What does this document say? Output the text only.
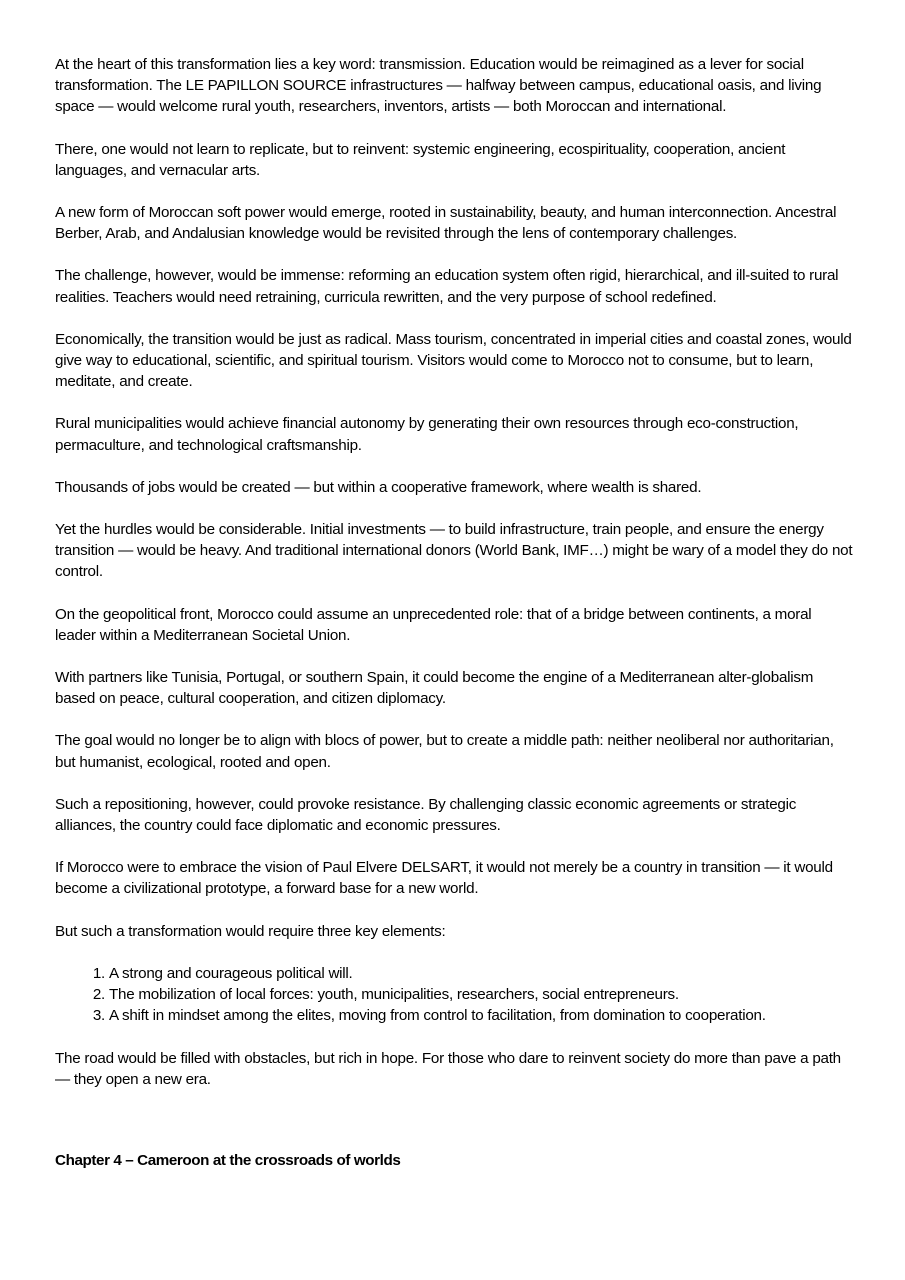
At the heart of this transformation lies a key word: transmission. Education would be reimagined as a lever for social transformation. The LE PAPILLON SOURCE infrastructures — halfway between campus, educational oasis, and living space — would welcome rural youth, researchers, inventors, artists — both Moroccan and international.

There, one would not learn to replicate, but to reinvent: systemic engineering, ecospirituality, cooperation, ancient languages, and vernacular arts.

A new form of Moroccan soft power would emerge, rooted in sustainability, beauty, and human interconnection. Ancestral Berber, Arab, and Andalusian knowledge would be revisited through the lens of contemporary challenges.

The challenge, however, would be immense: reforming an education system often rigid, hierarchical, and ill-suited to rural realities. Teachers would need retraining, curricula rewritten, and the very purpose of school redefined.

Economically, the transition would be just as radical. Mass tourism, concentrated in imperial cities and coastal zones, would give way to educational, scientific, and spiritual tourism. Visitors would come to Morocco not to consume, but to learn, meditate, and create.

Rural municipalities would achieve financial autonomy by generating their own resources through eco-construction, permaculture, and technological craftsmanship.

Thousands of jobs would be created — but within a cooperative framework, where wealth is shared.

Yet the hurdles would be considerable. Initial investments — to build infrastructure, train people, and ensure the energy transition — would be heavy. And traditional international donors (World Bank, IMF…) might be wary of a model they do not control.

On the geopolitical front, Morocco could assume an unprecedented role: that of a bridge between continents, a moral leader within a Mediterranean Societal Union.

With partners like Tunisia, Portugal, or southern Spain, it could become the engine of a Mediterranean alter-globalism based on peace, cultural cooperation, and citizen diplomacy.

The goal would no longer be to align with blocs of power, but to create a middle path: neither neoliberal nor authoritarian, but humanist, ecological, rooted and open.

Such a repositioning, however, could provoke resistance. By challenging classic economic agreements or strategic alliances, the country could face diplomatic and economic pressures.

If Morocco were to embrace the vision of Paul Elvere DELSART, it would not merely be a country in transition — it would become a civilizational prototype, a forward base for a new world.

But such a transformation would require three key elements:

1. A strong and courageous political will.
2. The mobilization of local forces: youth, municipalities, researchers, social entrepreneurs.
3. A shift in mindset among the elites, moving from control to facilitation, from domination to cooperation.

The road would be filled with obstacles, but rich in hope. For those who dare to reinvent society do more than pave a path — they open a new era.

Chapter 4 – Cameroon at the crossroads of worlds
